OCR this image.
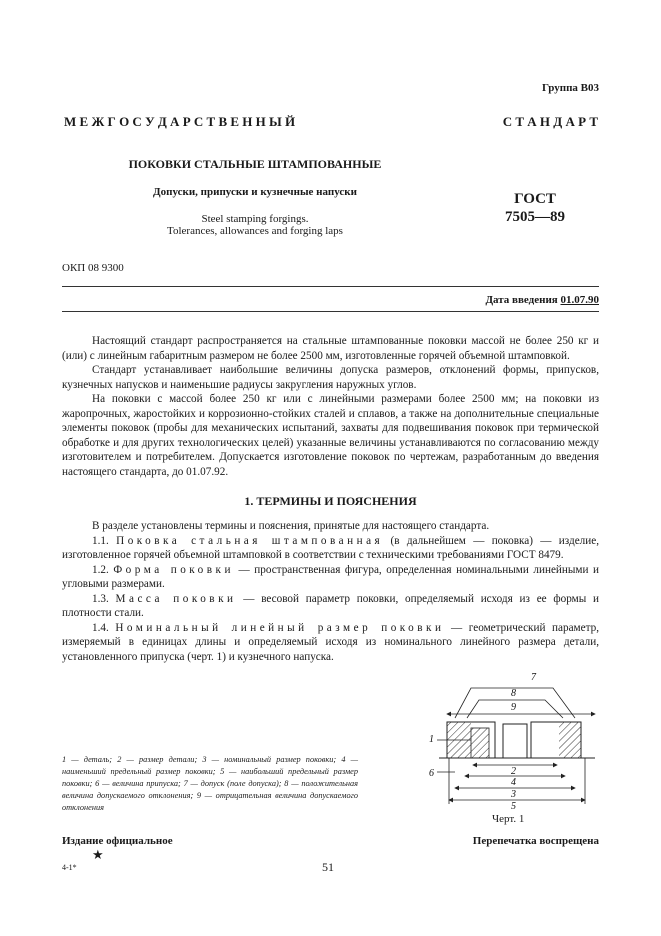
Группа В03
М Е Ж Г О С У Д А Р С Т В Е Н Н Ы Й	С Т А Н Д А Р Т
ПОКОВКИ СТАЛЬНЫЕ ШТАМПОВАННЫЕ
Допуски, припуски и кузнечные напуски
Steel stamping forgings.
Tolerances, allowances and forging laps
ГОСТ
7505—89
ОКП 08 9300
Дата введения 01.07.90

Настоящий стандарт распространяется на стальные штампованные поковки массой не более 250 кг и (или) с линейным габаритным размером не более 2500 мм, изготовленные горячей объемной штамповкой.

Стандарт устанавливает наибольшие величины допуска размеров, отклонений формы, припусков, кузнечных напусков и наименьшие радиусы закругления наружных углов.

На поковки с массой более 250 кг или с линейными размерами более 2500 мм; на поковки из жаропрочных, жаростойких и коррозионно-стойких сталей и сплавов, а также на дополнительные специальные элементы поковок (пробы для механических испытаний, захваты для подвешивания поковок при термической обработке и для других технологических целей) указанные величины устанавливаются по согласованию между изготовителем и потребителем. Допускается изготовление поковок по чертежам, разработанным до введения настоящего стандарта, до 01.07.92.

1. ТЕРМИНЫ И ПОЯСНЕНИЯ

В разделе установлены термины и пояснения, принятые для настоящего стандарта.

1.1. Поковка стальная штампованная (в дальнейшем — поковка) — изделие, изготовленное горячей объемной штамповкой в соответствии с техническими требованиями ГОСТ 8479.

1.2. Форма поковки — пространственная фигура, определенная номинальными линейными и угловыми размерами.

1.3. Масса поковки — весовой параметр поковки, определяемый исходя из ее формы и плотности стали.

1.4. Номинальный линейный размер поковки — геометрический параметр, измеряемый в единицах длины и определяемый исходя из номинального линейного размера детали, установленного припуска (черт. 1) и кузнечного напуска.

1 — деталь; 2 — размер детали; 3 — номинальный размер поковки; 4 — наименьший предельный размер поковки; 5 — наибольший предельный размер поковки; 6 — величина припуска; 7 — допуск (поле допуска); 8 — положительная величина допускаемого отклонения; 9 — отрицательная величина допускаемого отклонения
7
8
9
1
6	2
4
3
5
Черт. 1
Издание официальное
★
Перепечатка воспрещена
4-1*	51
